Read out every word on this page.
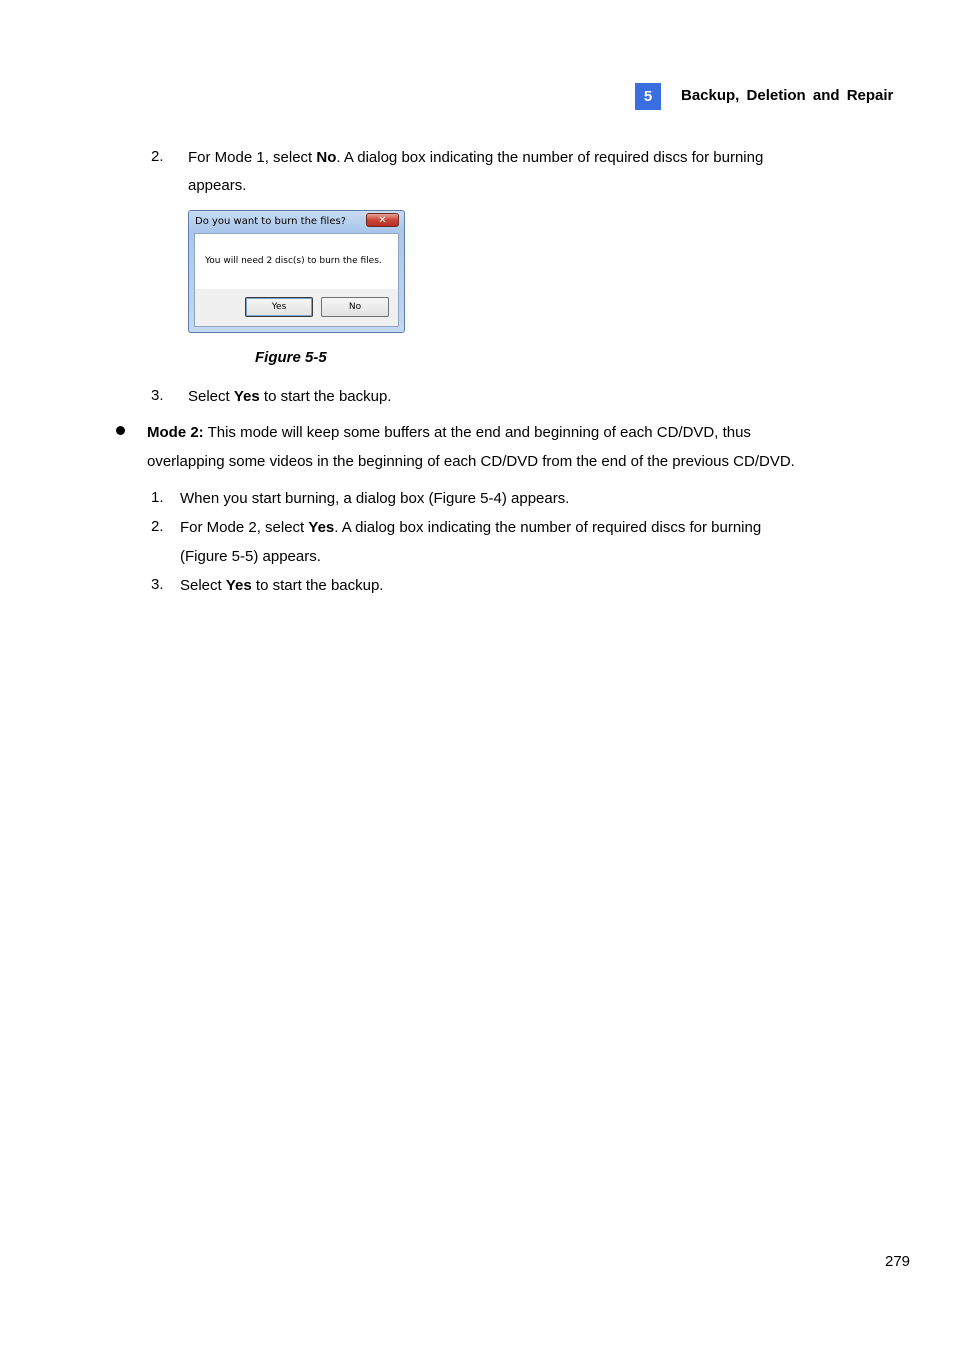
5	Backup, Deletion and Repair
2. For Mode 1, select No. A dialog box indicating the number of required discs for burning
appears.
Do you want to burn the files?	✕
You will need 2 disc(s) to burn the files.
Yes	No
Figure 5-5
3. Select Yes to start the backup.
Mode 2: This mode will keep some buffers at the end and beginning of each CD/DVD, thus
overlapping some videos in the beginning of each CD/DVD from the end of the previous CD/DVD.
1. When you start burning, a dialog box (Figure 5-4) appears.
2. For Mode 2, select Yes. A dialog box indicating the number of required discs for burning
(Figure 5-5) appears.
3. Select Yes to start the backup.
279
